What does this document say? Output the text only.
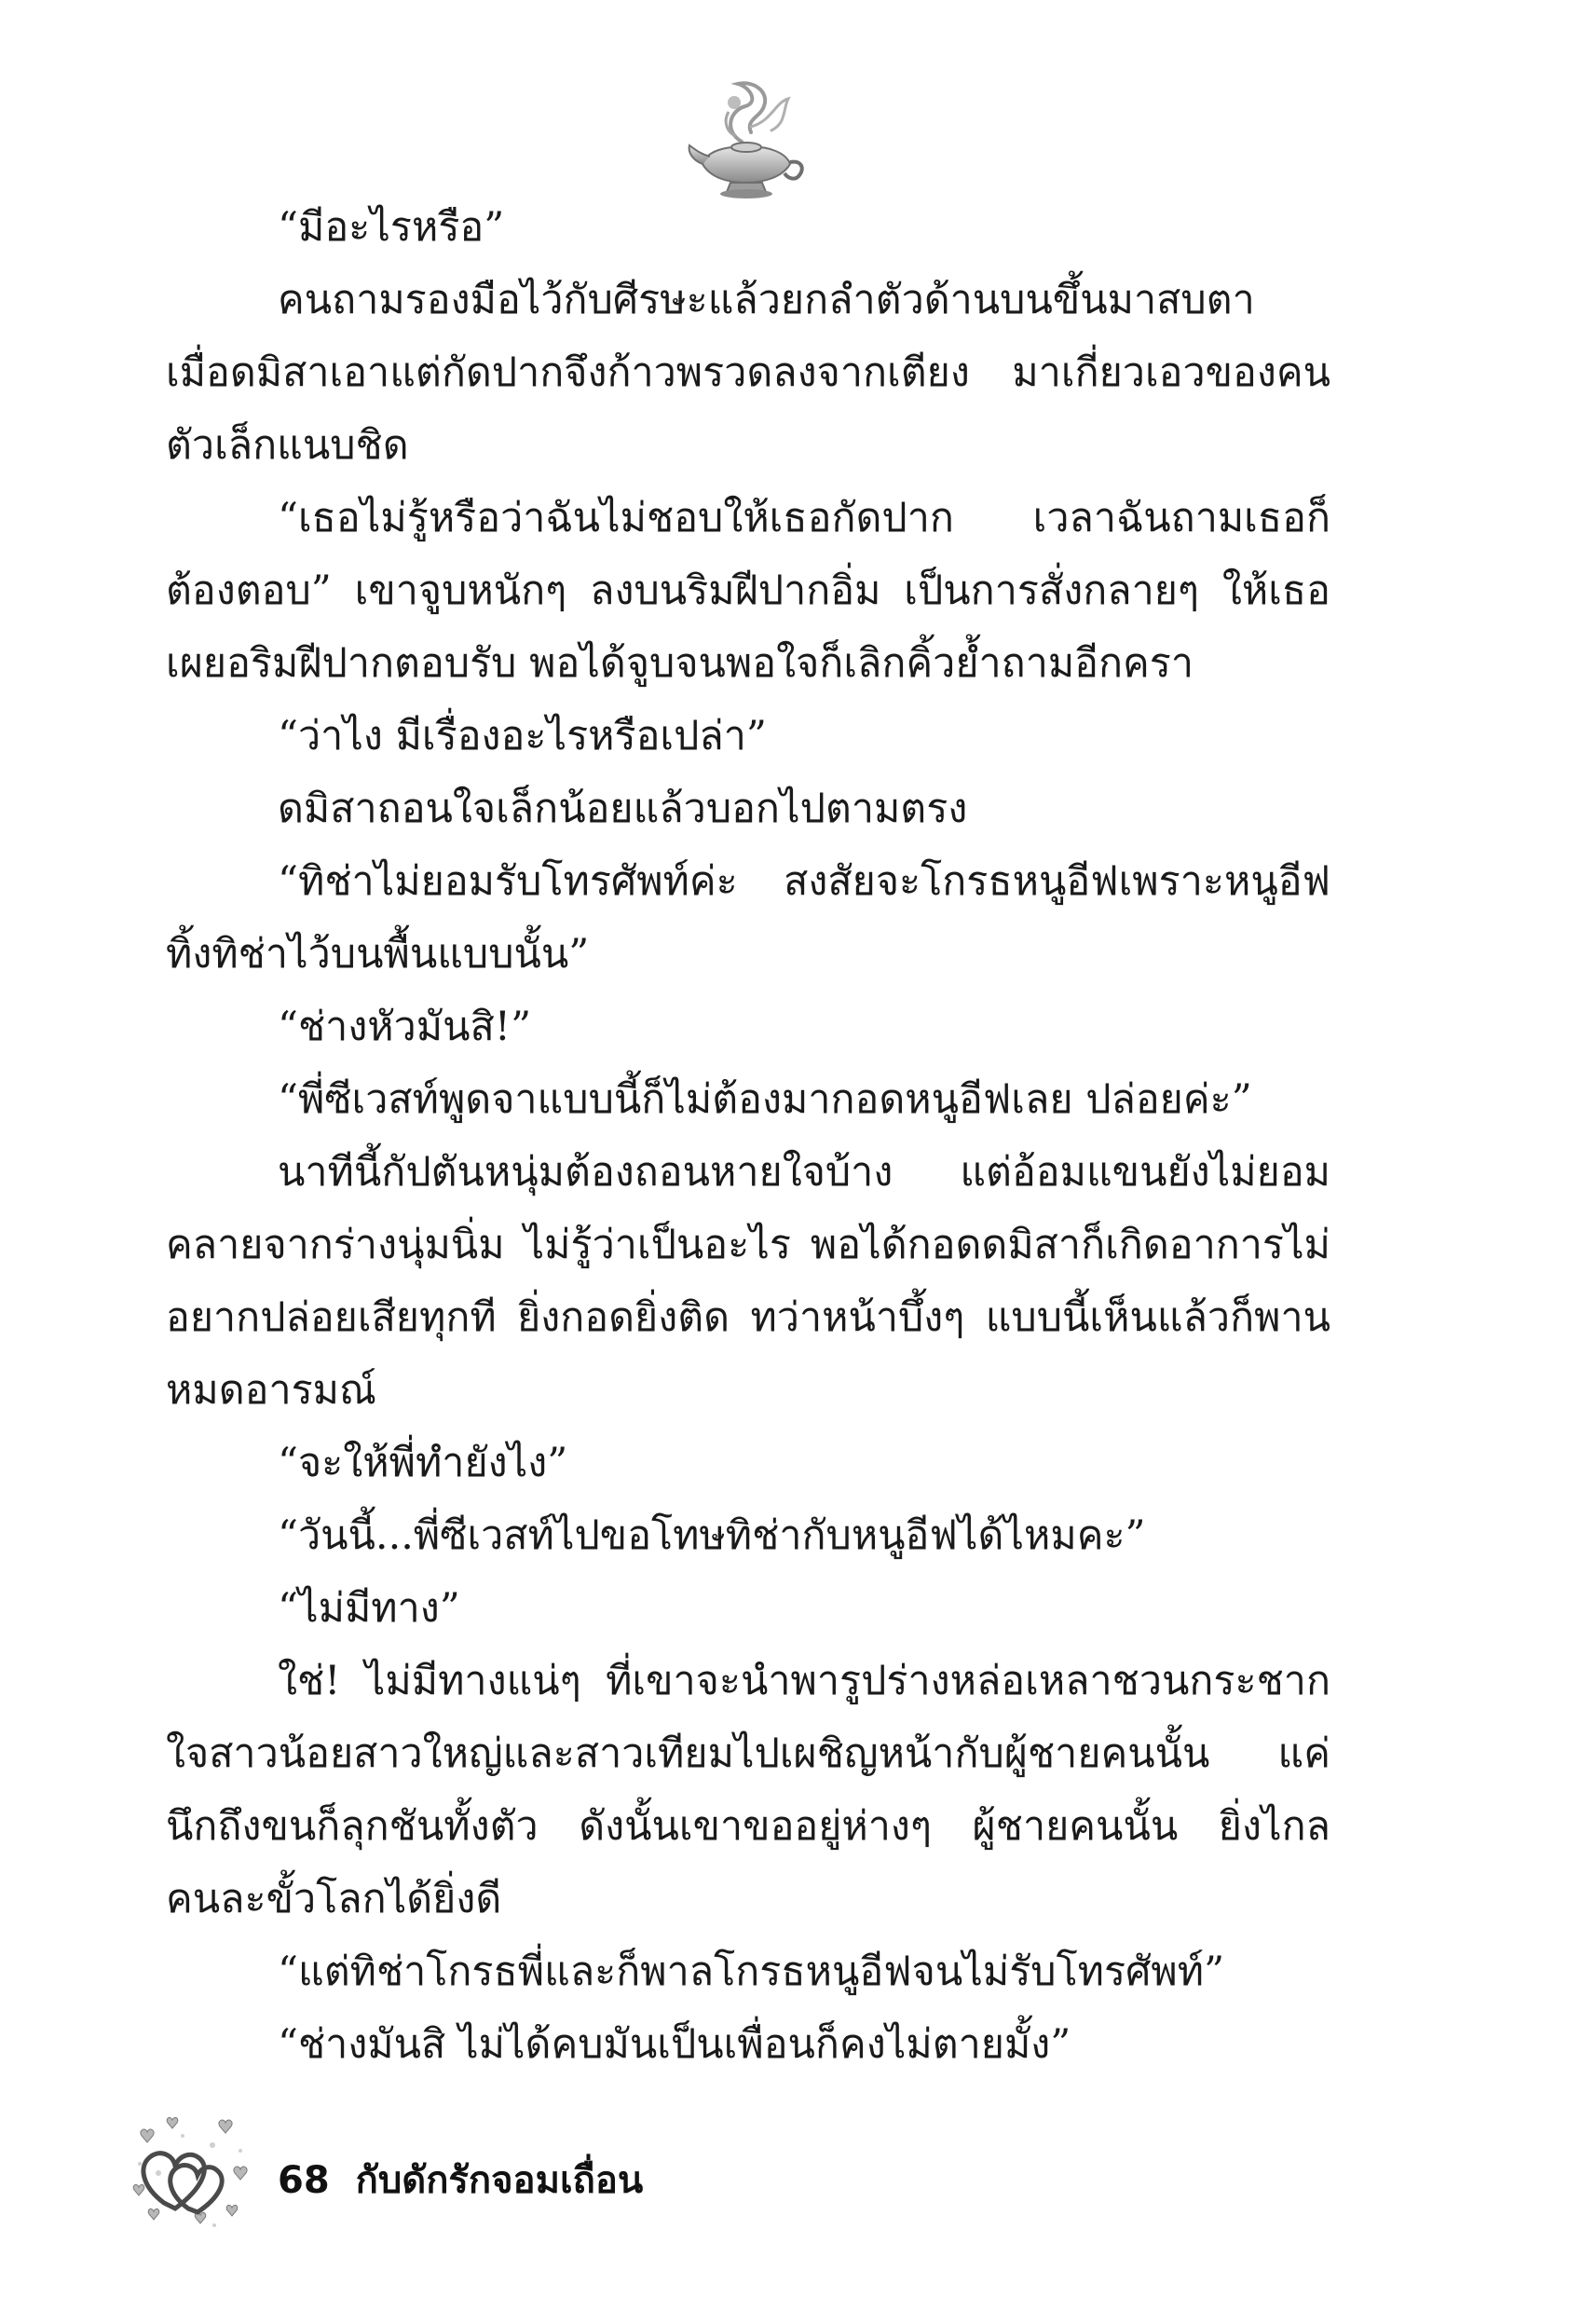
“มีอะไรหรือ”

คนถามรองมือไว้กับศีรษะแล้วยกลำตัวด้านบนขึ้นมาสบตา เมื่อดมิสาเอาแต่กัดปากจึงก้าวพรวดลงจากเตียง มาเกี่ยวเอวของคนตัวเล็กแนบชิด

“เธอไม่รู้หรือว่าฉันไม่ชอบให้เธอกัดปาก เวลาฉันถามเธอก็ต้องตอบ” เขาจูบหนักๆ ลงบนริมฝีปากอิ่ม เป็นการสั่งกลายๆ ให้เธอเผยอริมฝีปากตอบรับ พอได้จูบจนพอใจก็เลิกคิ้วย้ำถามอีกครา

“ว่าไง มีเรื่องอะไรหรือเปล่า”

ดมิสาถอนใจเล็กน้อยแล้วบอกไปตามตรง

“ทิช่าไม่ยอมรับโทรศัพท์ค่ะ สงสัยจะโกรธหนูอีฟเพราะหนูอีฟทิ้งทิช่าไว้บนพื้นแบบนั้น”

“ช่างหัวมันสิ!”

“พี่ซีเวสท์พูดจาแบบนี้ก็ไม่ต้องมากอดหนูอีฟเลย ปล่อยค่ะ”

นาทีนี้กัปตันหนุ่มต้องถอนหายใจบ้าง แต่อ้อมแขนยังไม่ยอมคลายจากร่างนุ่มนิ่ม ไม่รู้ว่าเป็นอะไร พอได้กอดดมิสาก็เกิดอาการไม่อยากปล่อยเสียทุกที ยิ่งกอดยิ่งติด ทว่าหน้าบึ้งๆ แบบนี้เห็นแล้วก็พานหมดอารมณ์

“จะให้พี่ทำยังไง”

“วันนี้...พี่ซีเวสท์ไปขอโทษทิช่ากับหนูอีฟได้ไหมคะ”

“ไม่มีทาง”

ใช่! ไม่มีทางแน่ๆ ที่เขาจะนำพารูปร่างหล่อเหลาชวนกระชากใจสาวน้อยสาวใหญ่และสาวเทียมไปเผชิญหน้ากับผู้ชายคนนั้น แค่นึกถึงขนก็ลุกชันทั้งตัว ดังนั้นเขาขออยู่ห่างๆ ผู้ชายคนนั้น ยิ่งไกลคนละขั้วโลกได้ยิ่งดี

“แต่ทิช่าโกรธพี่และก็พาลโกรธหนูอีฟจนไม่รับโทรศัพท์”

“ช่างมันสิ ไม่ได้คบมันเป็นเพื่อนก็คงไม่ตายมั้ง”

68 กับดักรักจอมเถื่อน
